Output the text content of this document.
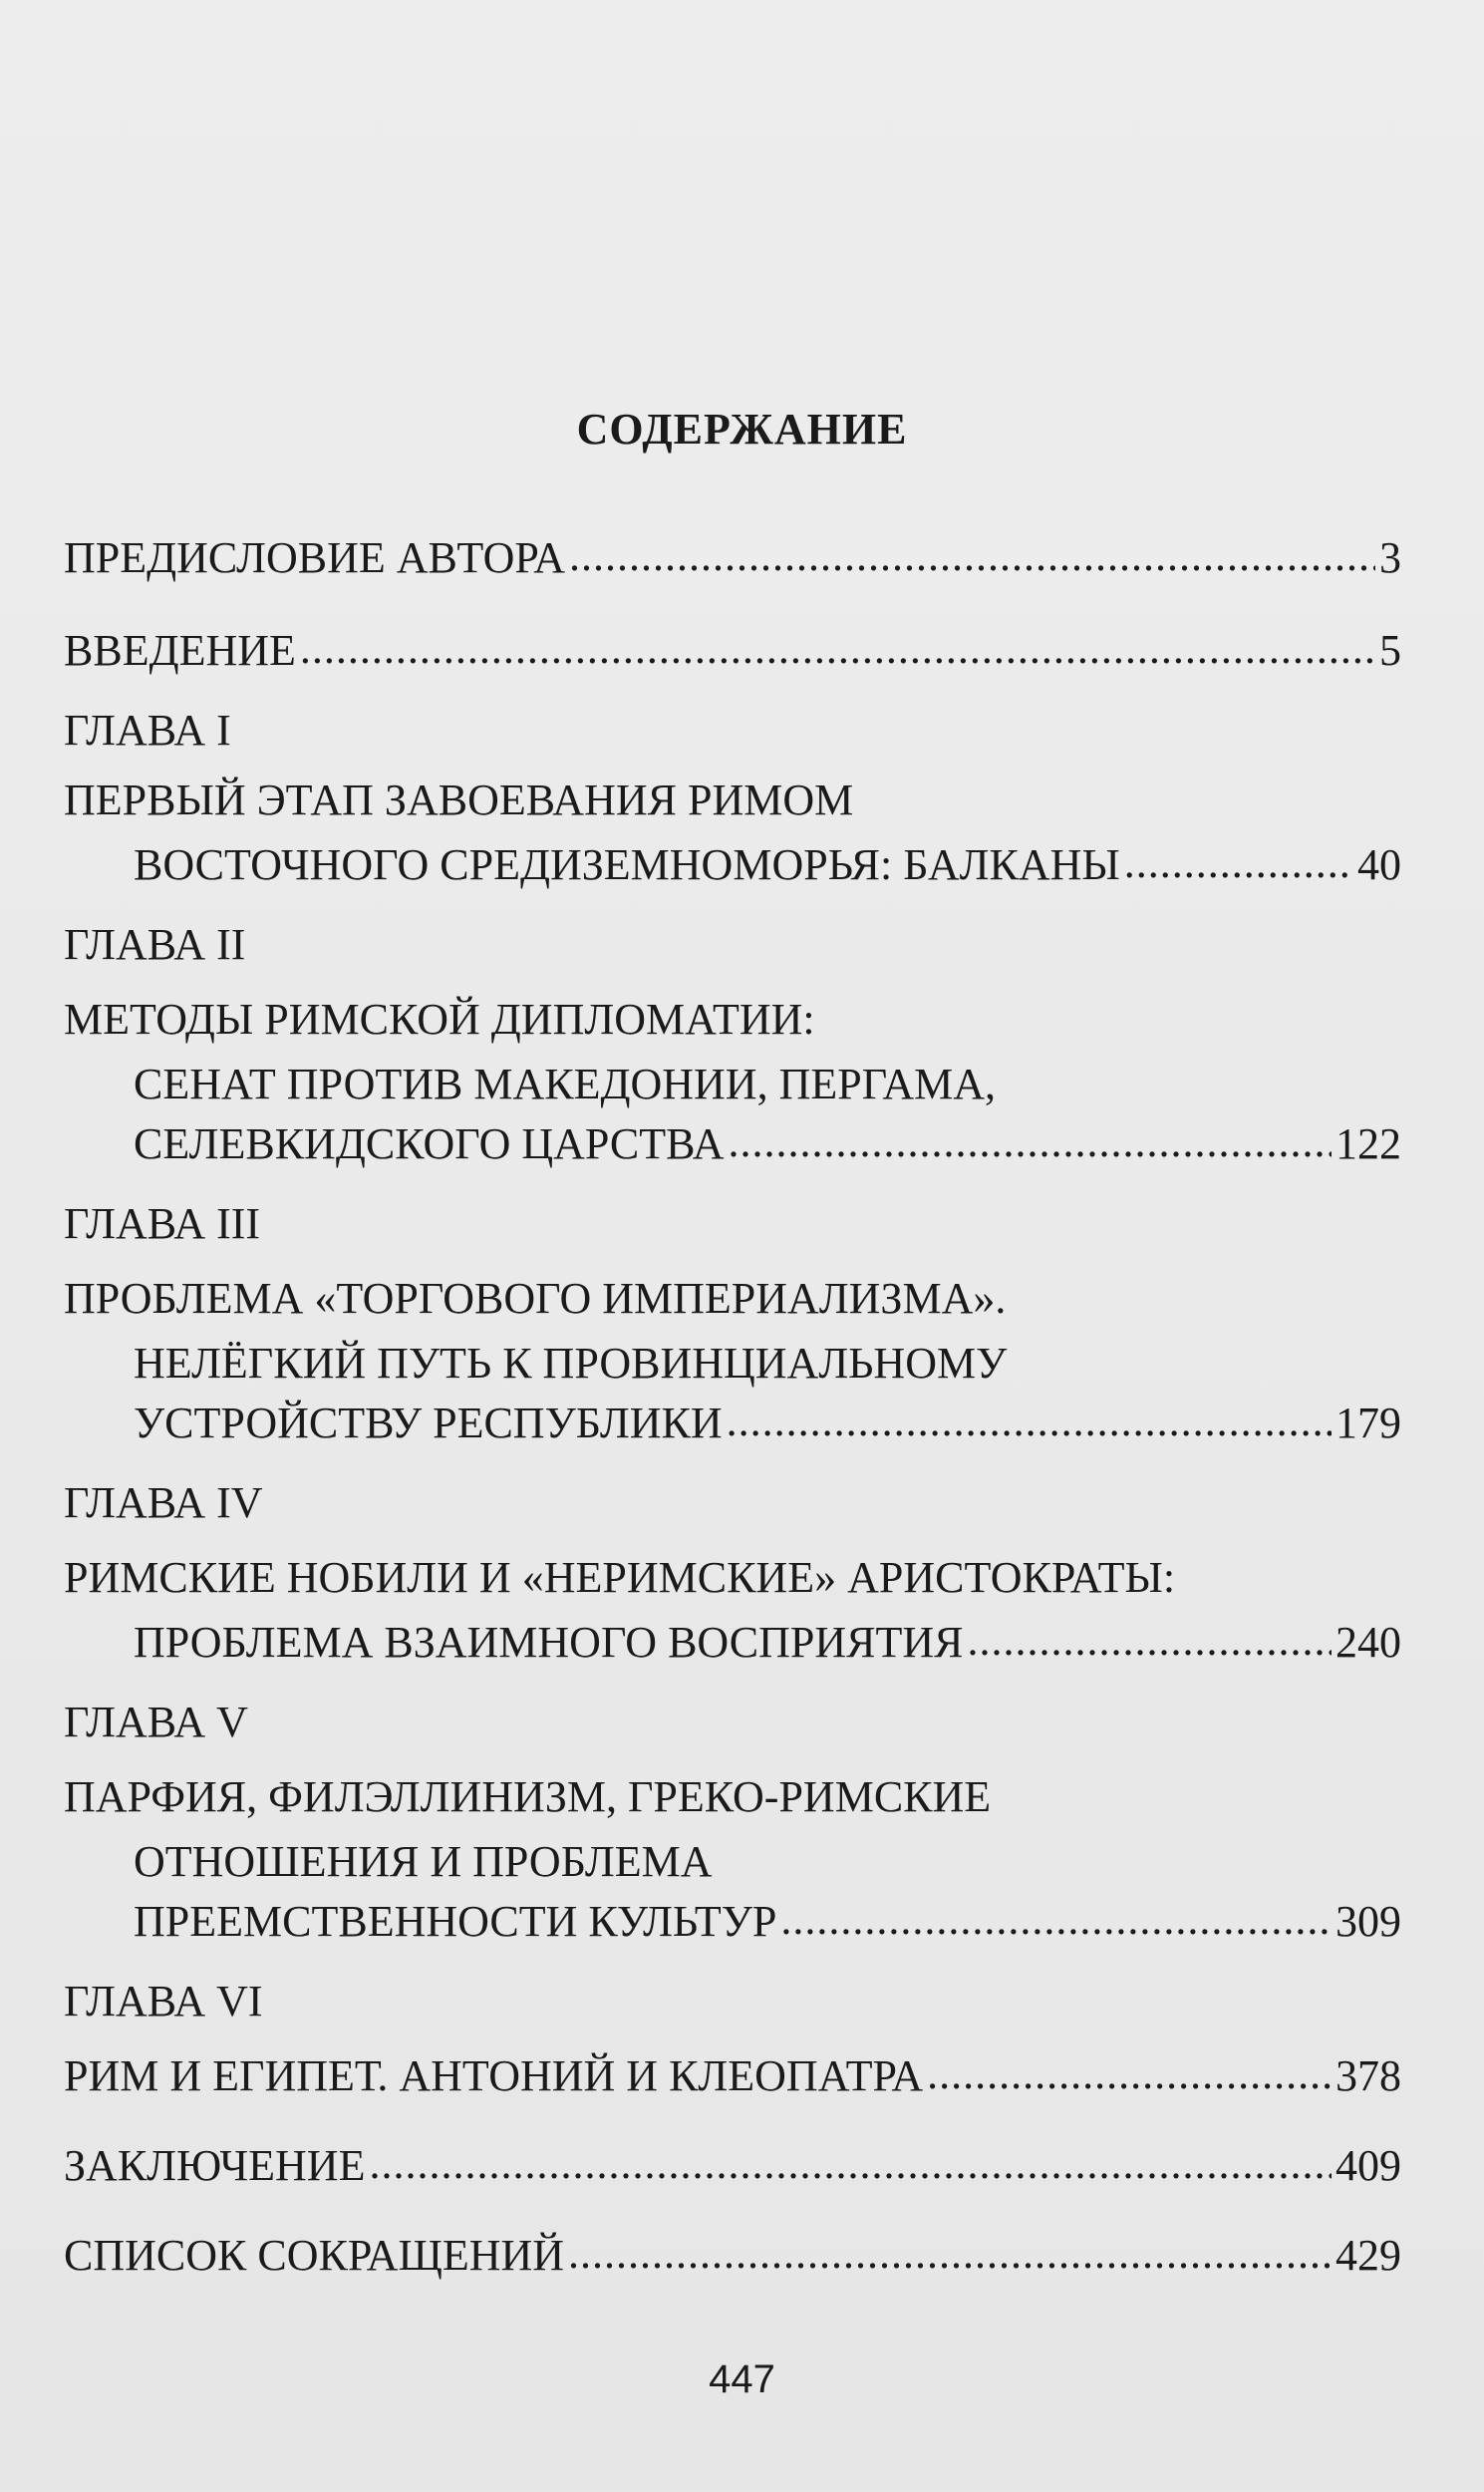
СОДЕРЖАНИЕ
ПРЕДИСЛОВИЕ АВТОРА .....	3
ВВЕДЕНИЕ .....	5
ГЛАВА I
ПЕРВЫЙ ЭТАП ЗАВОЕВАНИЯ РИМОМ
ВОСТОЧНОГО СРЕДИЗЕМНОМОРЬЯ: БАЛКАНЫ .....	40
ГЛАВА II
МЕТОДЫ РИМСКОЙ ДИПЛОМАТИИ:
СЕНАТ ПРОТИВ МАКЕДОНИИ, ПЕРГАМА,
СЕЛЕВКИДСКОГО ЦАРСТВА .....	122
ГЛАВА III
ПРОБЛЕМА «ТОРГОВОГО ИМПЕРИАЛИЗМА».
НЕЛЁГКИЙ ПУТЬ К ПРОВИНЦИАЛЬНОМУ
УСТРОЙСТВУ РЕСПУБЛИКИ .....	179
ГЛАВА IV
РИМСКИЕ НОБИЛИ И «НЕРИМСКИЕ» АРИСТОКРАТЫ:
ПРОБЛЕМА ВЗАИМНОГО ВОСПРИЯТИЯ .....	240
ГЛАВА V
ПАРФИЯ, ФИЛЭЛЛИНИЗМ, ГРЕКО-РИМСКИЕ
ОТНОШЕНИЯ И ПРОБЛЕМА
ПРЕЕМСТВЕННОСТИ КУЛЬТУР .....	309
ГЛАВА VI
РИМ И ЕГИПЕТ. АНТОНИЙ И КЛЕОПАТРА .....	378
ЗАКЛЮЧЕНИЕ .....	409
СПИСОК СОКРАЩЕНИЙ .....	429
447
